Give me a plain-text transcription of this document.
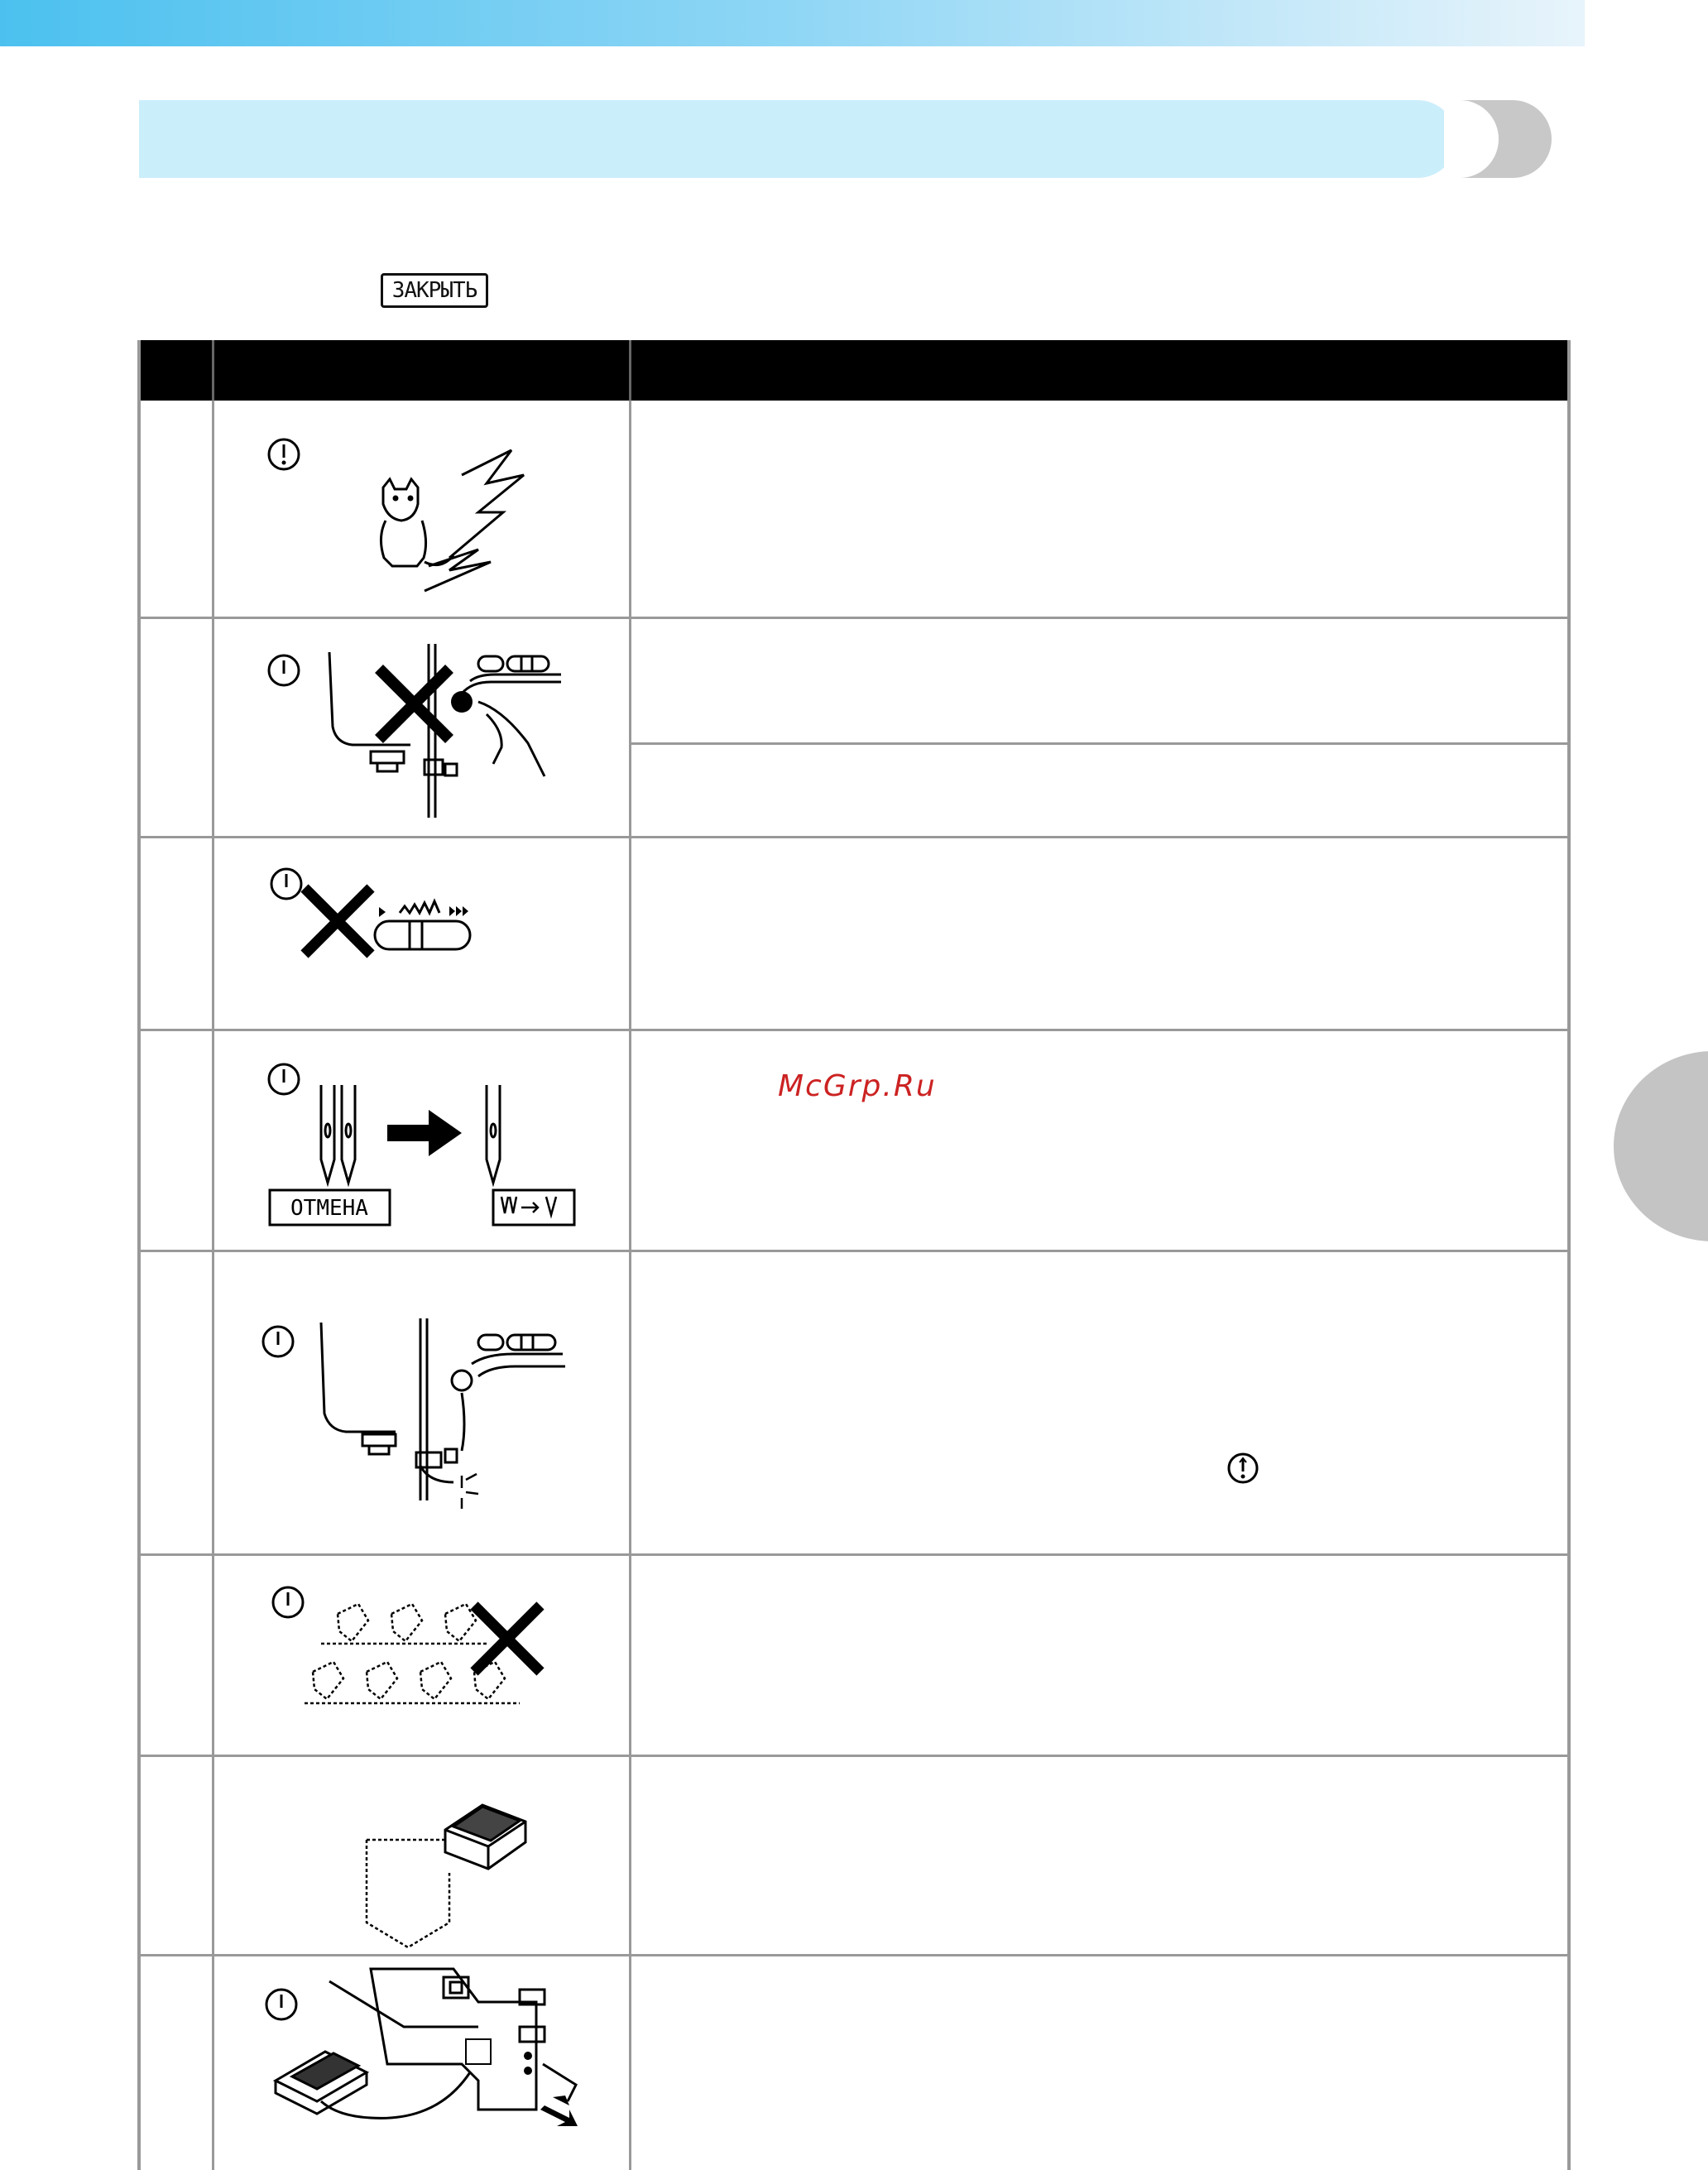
ЗАКРЫТЬ
ОТМЕНА
McGrp.Ru
